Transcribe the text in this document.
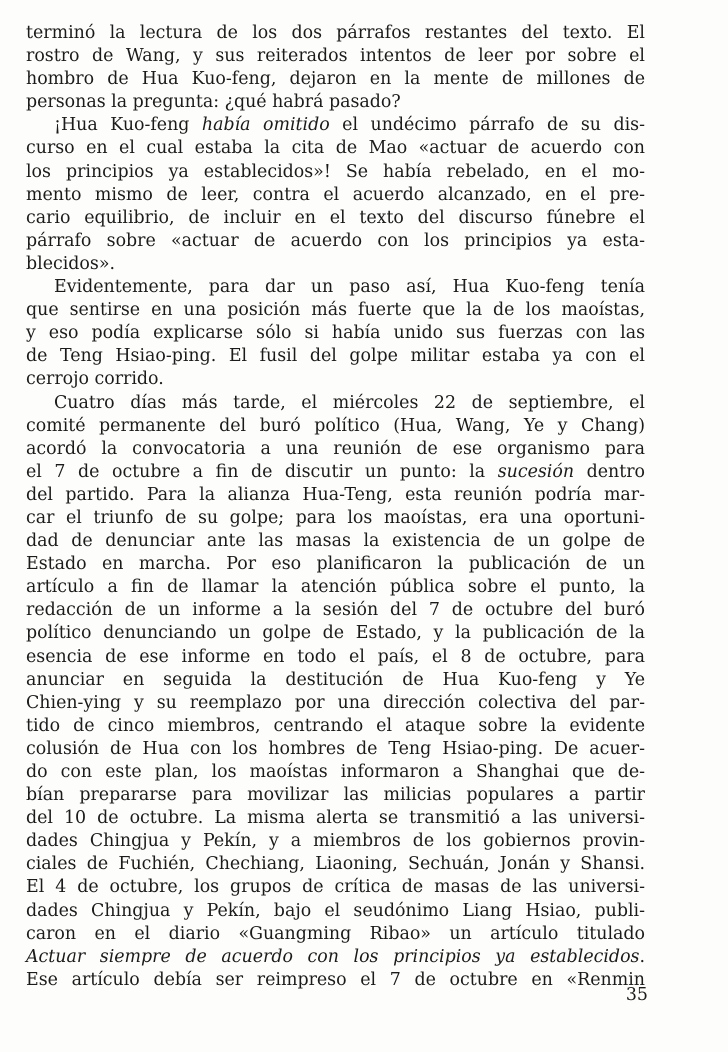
terminó la lectura de los dos párrafos restantes del texto. El
rostro de Wang, y sus reiterados intentos de leer por sobre el
hombro de Hua Kuo-feng, dejaron en la mente de millones de
personas la pregunta: ¿qué habrá pasado?
¡Hua Kuo-feng había omitido el undécimo párrafo de su dis-
curso en el cual estaba la cita de Mao «actuar de acuerdo con
los principios ya establecidos»! Se había rebelado, en el mo-
mento mismo de leer, contra el acuerdo alcanzado, en el pre-
cario equilibrio, de incluir en el texto del discurso fúnebre el
párrafo sobre «actuar de acuerdo con los principios ya esta-
blecidos».
Evidentemente, para dar un paso así, Hua Kuo-feng tenía
que sentirse en una posición más fuerte que la de los maoístas,
y eso podía explicarse sólo si había unido sus fuerzas con las
de Teng Hsiao-ping. El fusil del golpe militar estaba ya con el
cerrojo corrido.
Cuatro días más tarde, el miércoles 22 de septiembre, el
comité permanente del buró político (Hua, Wang, Ye y Chang)
acordó la convocatoria a una reunión de ese organismo para
el 7 de octubre a fin de discutir un punto: la sucesión dentro
del partido. Para la alianza Hua-Teng, esta reunión podría mar-
car el triunfo de su golpe; para los maoístas, era una oportuni-
dad de denunciar ante las masas la existencia de un golpe de
Estado en marcha. Por eso planificaron la publicación de un
artículo a fin de llamar la atención pública sobre el punto, la
redacción de un informe a la sesión del 7 de octubre del buró
político denunciando un golpe de Estado, y la publicación de la
esencia de ese informe en todo el país, el 8 de octubre, para
anunciar en seguida la destitución de Hua Kuo-feng y Ye
Chien-ying y su reemplazo por una dirección colectiva del par-
tido de cinco miembros, centrando el ataque sobre la evidente
colusión de Hua con los hombres de Teng Hsiao-ping. De acuer-
do con este plan, los maoístas informaron a Shanghai que de-
bían prepararse para movilizar las milicias populares a partir
del 10 de octubre. La misma alerta se transmitió a las universi-
dades Chingjua y Pekín, y a miembros de los gobiernos provin-
ciales de Fuchién, Chechiang, Liaoning, Sechuán, Jonán y Shansi.
El 4 de octubre, los grupos de crítica de masas de las universi-
dades Chingjua y Pekín, bajo el seudónimo Liang Hsiao, publi-
caron en el diario «Guangming Ribao» un artículo titulado
Actuar siempre de acuerdo con los principios ya establecidos.
Ese artículo debía ser reimpreso el 7 de octubre en «Renmin
35
